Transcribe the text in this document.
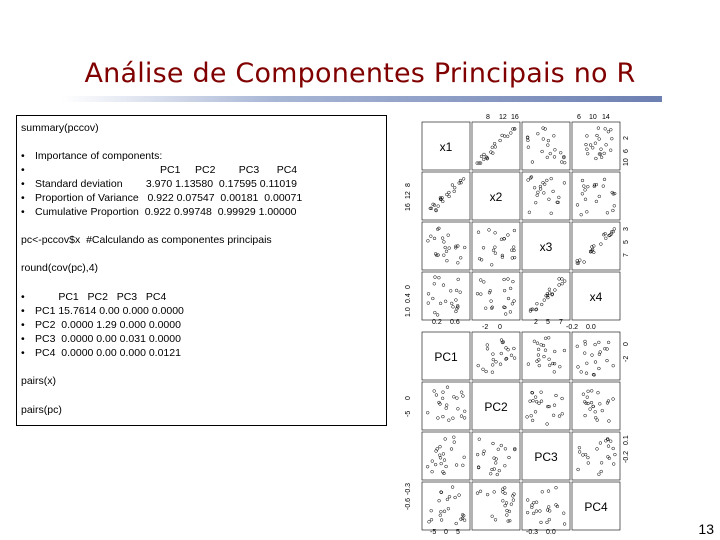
Análise de Componentes Principais no R
summary(pccov)
• Importance of components:
•	PC1     PC2        PC3      PC4
• Standard deviation        3.970 1.13580  0.17595 0.11019
• Proportion of Variance   0.922 0.07547  0.00181  0.00071
• Cumulative Proportion  0.922 0.99748  0.99929 1.00000
pc<-pccov$x  #Calculando as componentes principais
round(cov(pc),4)
• PC1   PC2   PC3   PC4
• PC1 15.7614 0.00 0.000 0.0000
• PC2  0.0000 1.29 0.000 0.0000
• PC3  0.0000 0.00 0.031 0.0000
• PC4  0.0000 0.00 0.000 0.0121
pairs(x)
pairs(pc)
x1
x2
x3
x4
8 12 16	6 10 14
0.2 0.6	2 5 7
8
12
16
0
0.4
1.0
2
6
10
3
5
7
PC1
PC2
PC3
PC4
-2 0	-0.2 0.0
-5 0 5	-0.3 0.0
-5
0
-0.6
-0.3
-2
0
-0.2
0.1
13
